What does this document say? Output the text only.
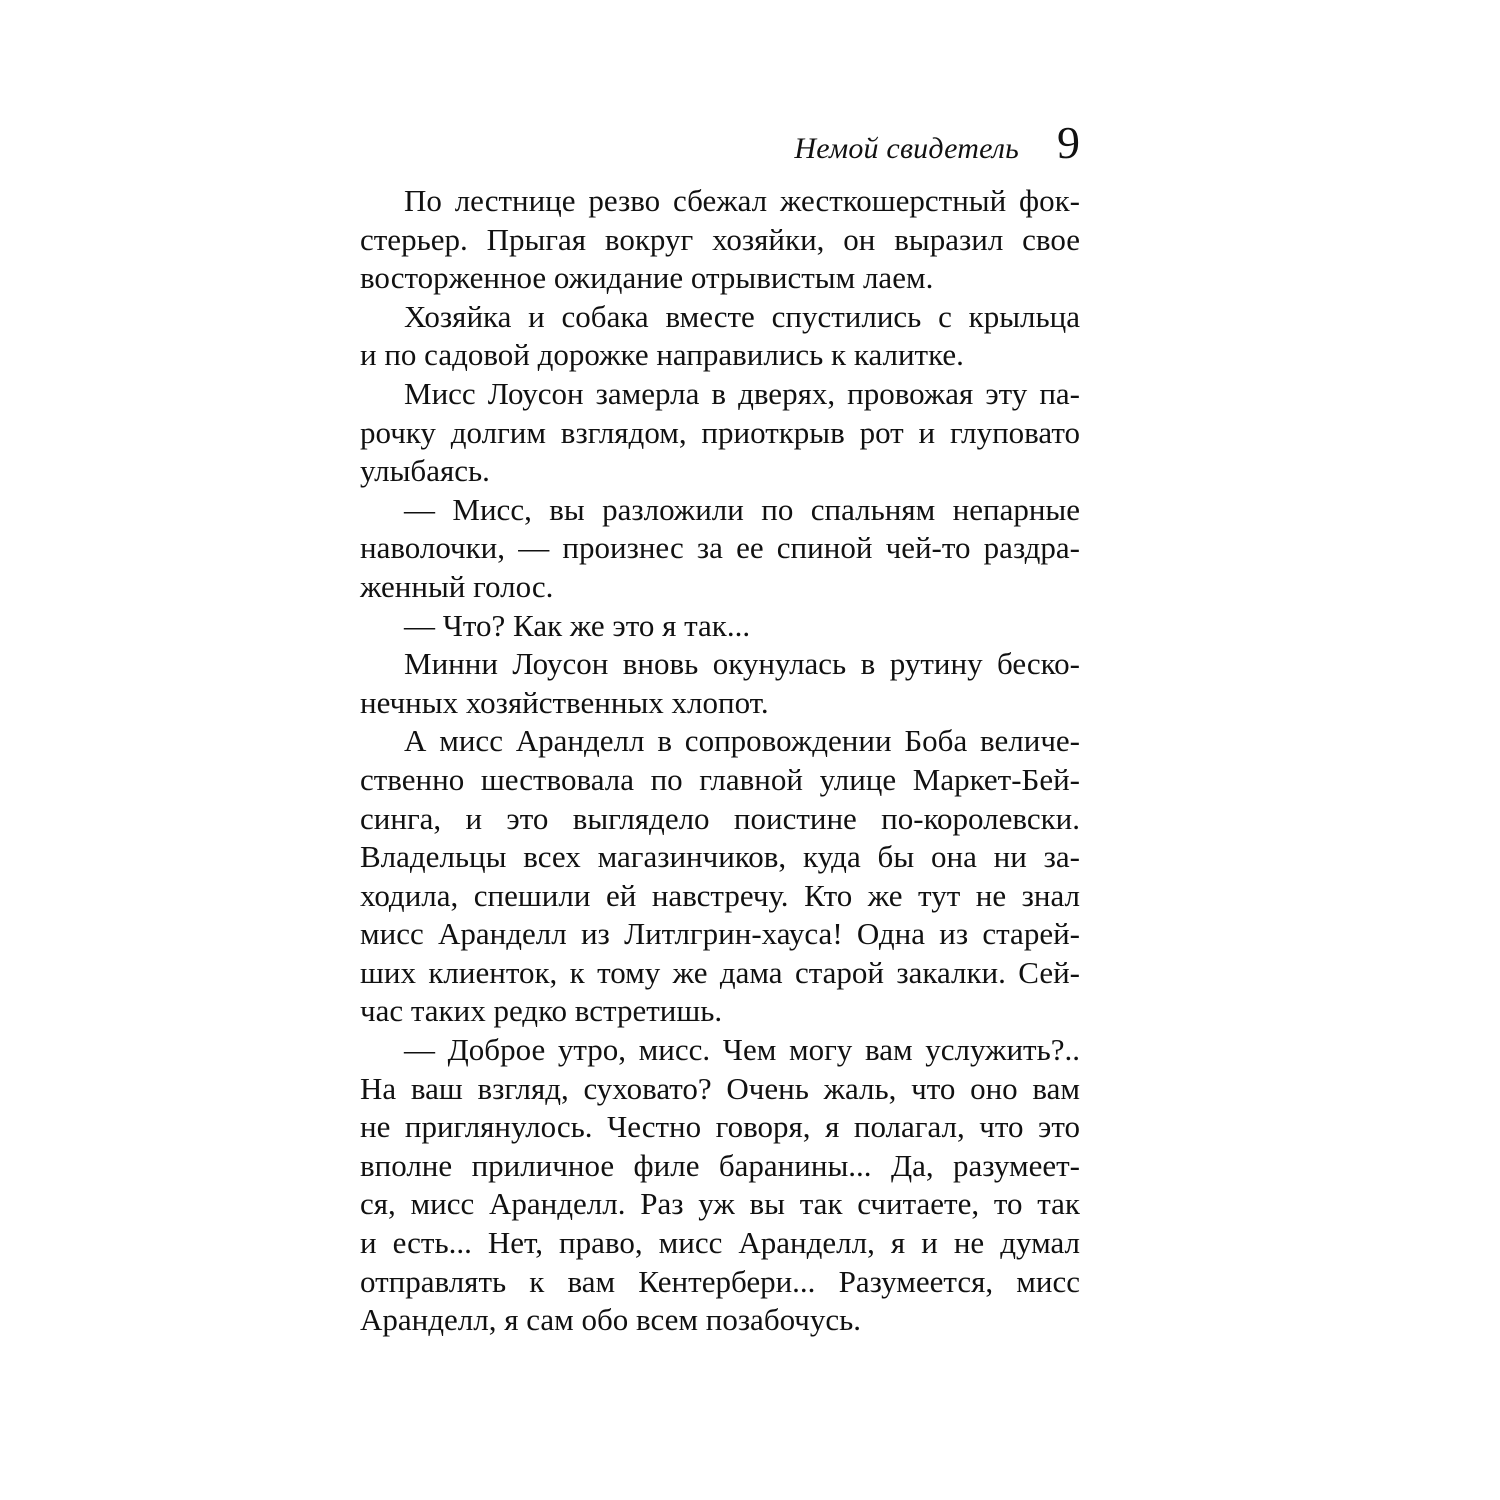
Немой свидетель 9
По лестнице резво сбежал жесткошерстный фок-
стерьер. Прыгая вокруг хозяйки, он выразил свое
восторженное ожидание отрывистым лаем.
Хозяйка и собака вместе спустились с крыльца
и по садовой дорожке направились к калитке.
Мисс Лоусон замерла в дверях, провожая эту па-
рочку долгим взглядом, приоткрыв рот и глуповато
улыбаясь.
— Мисс, вы разложили по спальням непарные
наволочки, — произнес за ее спиной чей-то раздра-
женный голос.
— Что? Как же это я так...
Минни Лоусон вновь окунулась в рутину беско-
нечных хозяйственных хлопот.
А мисс Аранделл в сопровождении Боба величе-
ственно шествовала по главной улице Маркет-Бей-
синга, и это выглядело поистине по-королевски.
Владельцы всех магазинчиков, куда бы она ни за-
ходила, спешили ей навстречу. Кто же тут не знал
мисс Аранделл из Литлгрин-хауса! Одна из старей-
ших клиенток, к тому же дама старой закалки. Сей-
час таких редко встретишь.
— Доброе утро, мисс. Чем могу вам услужить?..
На ваш взгляд, суховато? Очень жаль, что оно вам
не приглянулось. Честно говоря, я полагал, что это
вполне приличное филе баранины... Да, разумеет-
ся, мисс Аранделл. Раз уж вы так считаете, то так
и есть... Нет, право, мисс Аранделл, я и не думал
отправлять к вам Кентербери... Разумеется, мисс
Аранделл, я сам обо всем позабочусь.
